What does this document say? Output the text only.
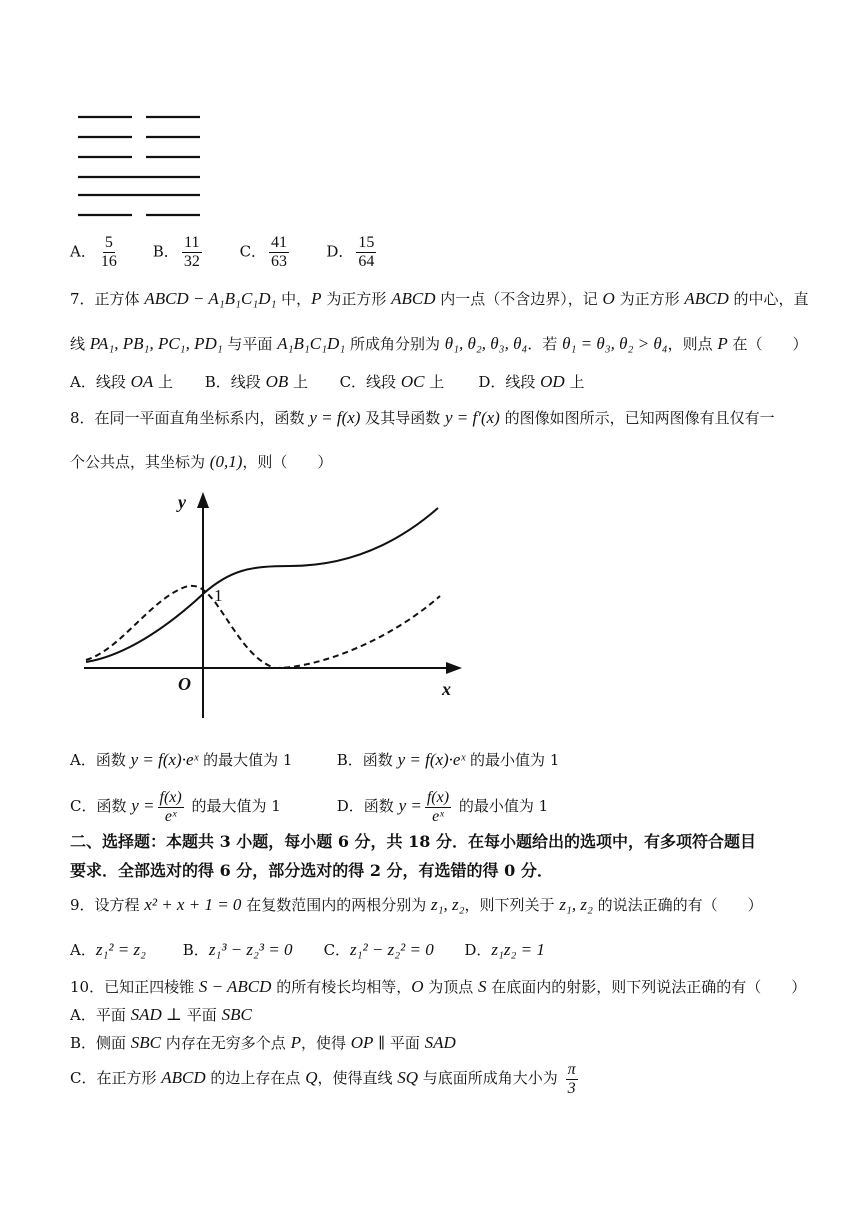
A． $\frac{5}{16}$ B． $\frac{11}{32}$	C． $\frac{41}{63}$ D． $\frac{15}{64}$
7．正方体 ABCD − A₁B₁C₁D₁ 中，P 为正方形 ABCD 内一点（不含边界），记 O 为正方形 ABCD 的中心，直
线 PA₁, PB₁, PC₁, PD₁ 与平面 A₁B₁C₁D₁ 所成角分别为 θ₁, θ₂, θ₃, θ₄．若 θ₁ = θ₃, θ₂ > θ₄，则点 P 在（　　）
A．线段 OA 上 B．线段 OB 上 C．线段 OC 上 D．线段 OD 上
8．在同一平面直角坐标系内，函数 y = f(x) 及其导函数 y = f′(x) 的图像如图所示，已知两图像有且仅有一
个公共点，其坐标为 (0,1)，则（　　）
y
x
O
1
A．函数 y = f(x)·eˣ 的最大值为 1	B．函数 y = f(x)·eˣ 的最小值为 1
C．函数 $y = \frac{f(x)}{\text{eˣ}}$ 的最大值为 1	D．函数 $y = \frac{f(x)}{\text{eˣ}}$ 的最小值为 1
二、选择题：本题共 3 小题，每小题 6 分，共 18 分．在每小题给出的选项中，有多项符合题目
要求．全部选对的得 6 分，部分选对的得 2 分，有选错的得 0 分．
9．设方程 x² + x + 1 = 0 在复数范围内的两根分别为 z₁, z₂，则下列关于 z₁, z₂ 的说法正确的有（　　）
A．z₁² = z₂ B．z₁³ − z₂³ = 0 C．z₁² − z₂² = 0 D．z₁z₂ = 1
10．已知正四棱锥 S − ABCD 的所有棱长均相等，O 为顶点 S 在底面内的射影，则下列说法正确的有（　　）
A．平面 SAD ⊥ 平面 SBC
B．侧面 SBC 内存在无穷多个点 P，使得 OP ∥ 平面 SAD
C．在正方形 ABCD 的边上存在点 Q，使得直线 SQ 与底面所成角大小为 $\frac{\pi}{3}$
